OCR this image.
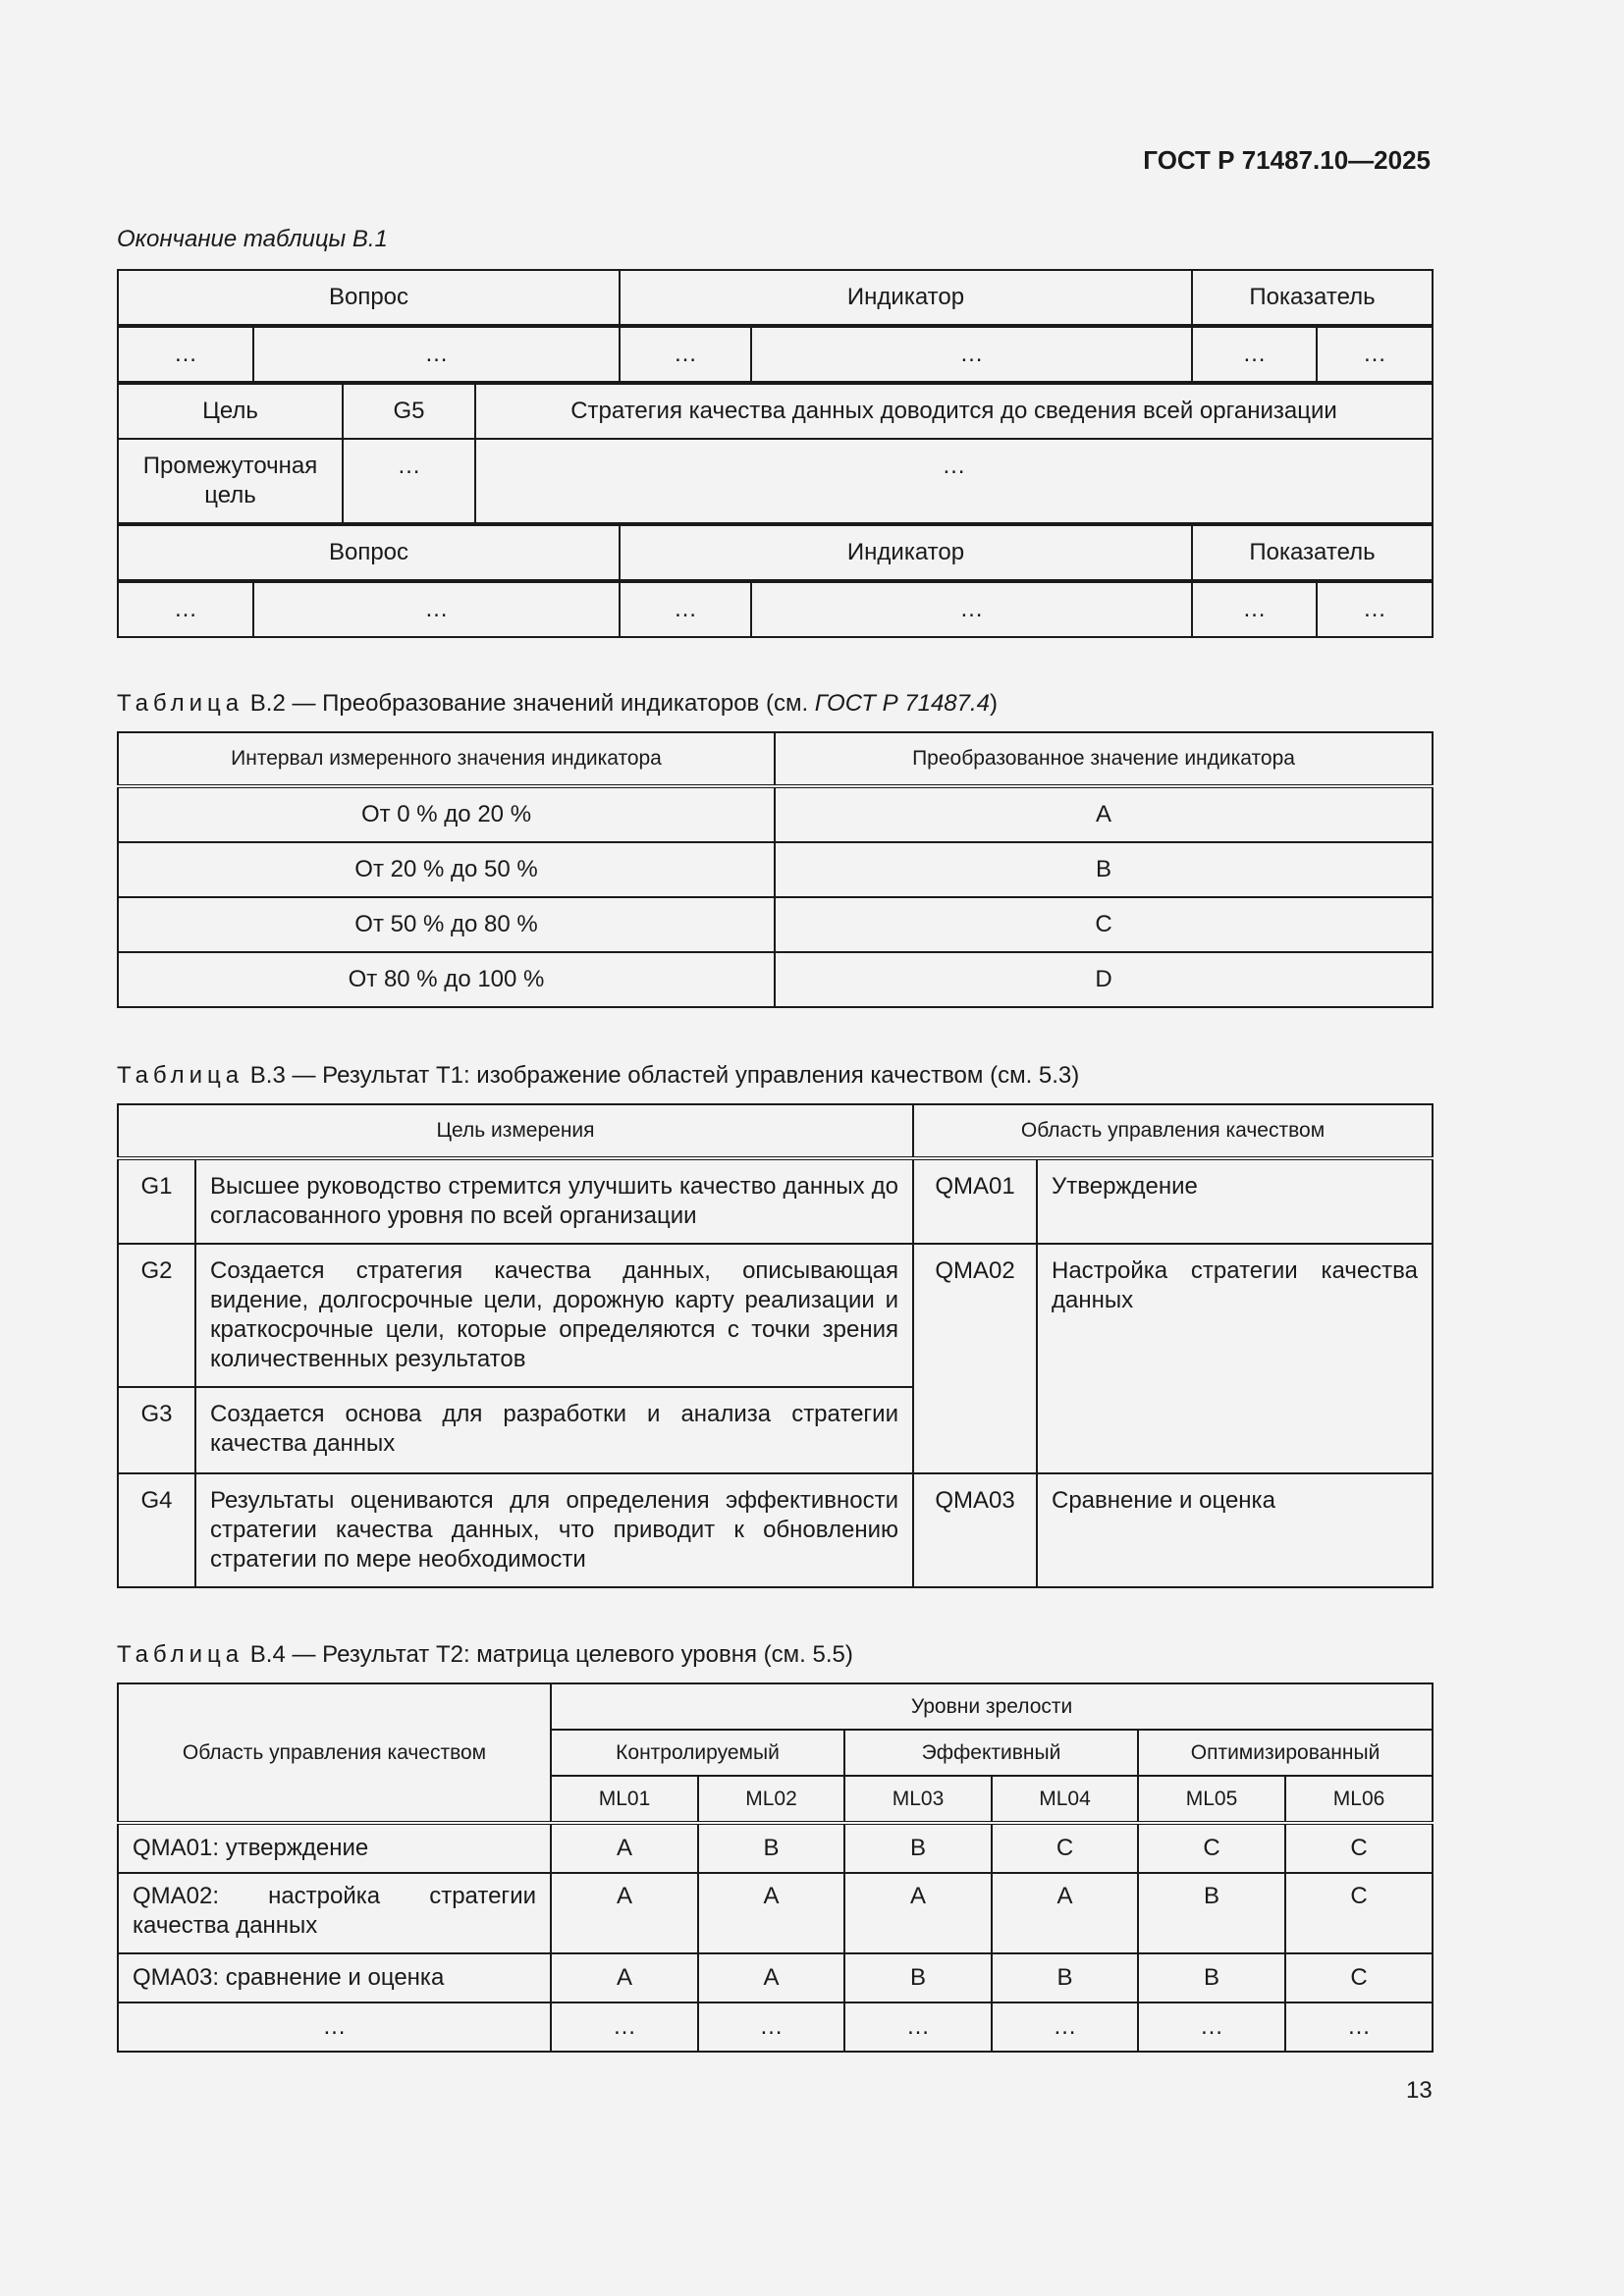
ГОСТ Р 71487.10—2025
Окончание таблицы В.1
Вопрос	Индикатор	Показатель
…	…	…	…	…	…
Цель	G5	Стратегия качества данных доводится до сведения всей организации
Промежуточная цель	…	…
Вопрос	Индикатор	Показатель
…	…	…	…	…	…
Таблица В.2 — Преобразование значений индикаторов (см. ГОСТ Р 71487.4)
Интервал измеренного значения индикатора	Преобразованное значение индикатора
От 0 % до 20 %	A
От 20 % до 50 %	B
От 50 % до 80 %	C
От 80 % до 100 %	D
Таблица В.3 — Результат Т1: изображение областей управления качеством (см. 5.3)
Цель измерения		Область управления качеством	
G1	Высшее руководство стремится улучшить качество данных до согласованного уровня по всей организации	QMA01	Утверждение
G2	Создается стратегия качества данных, описывающая видение, долгосрочные цели, дорожную карту реализации и краткосрочные цели, которые определяются с точки зрения количественных результатов	QMA02	Настройка стратегии качества данных
G3	Создается основа для разработки и анализа стратегии качества данных		
G4	Результаты оцениваются для определения эффективности стратегии качества данных, что приводит к обновлению стратегии по мере необходимости	QMA03	Сравнение и оценка
Таблица В.4 — Результат Т2: матрица целевого уровня (см. 5.5)
Область управления качеством	Уровни зрелости					
	Контролируемый		Эффективный		Оптимизированный	
	ML01	ML02	ML03	ML04	ML05	ML06
QMA01: утверждение	A	B	B	C	C	C
QMA02: настройка стратегии качества данных	A	A	A	A	B	C
QMA03: сравнение и оценка	A	A	B	B	B	C
…	…	…	…	…	…	…
13
